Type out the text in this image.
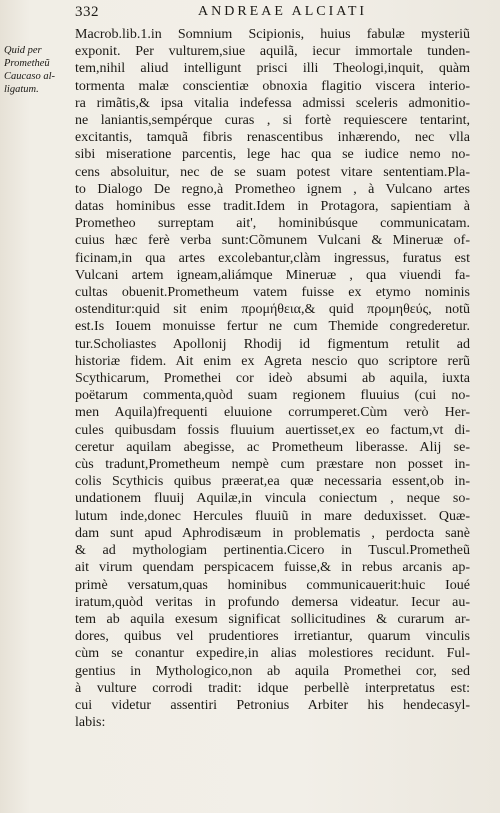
332	ANDREAE ALCIATI
Quid per
Prometheũ
Caucaso al-
ligatum.
Macrob.lib.1.in Somnium Scipionis, huius fabulæ mysteriũ
exponit. Per vulturem,siue aquilã, iecur immortale tunden-
tem,nihil aliud intelligunt prisci illi Theologi,inquit, quàm
tormenta malæ conscientiæ obnoxia flagitio viscera interio-
ra rimãtis,& ipsa vitalia indefessa admissi sceleris admonitio-
ne laniantis,sempérque curas , si fortè requiescere tentarint,
excitantis, tamquã fibris renascentibus inhærendo, nec vlla
sibi miseratione parcentis, lege hac qua se iudice nemo no-
cens absoluitur, nec de se suam potest vitare sententiam.Pla-
to Dialogo De regno,à Prometheo ignem , à Vulcano artes
datas hominibus esse tradit.Idem in Protagora, sapientiam à
Prometheo surreptam ait', hominibúsque communicatam.
cuius hæc ferè verba sunt:Cõmunem Vulcani & Mineruæ of-
ficinam,in qua artes excolebantur,clàm ingressus, furatus est
Vulcani artem igneam,aliámque Mineruæ , qua viuendi fa-
cultas obuenit.Prometheum vatem fuisse ex etymo nominis
ostenditur:quid sit enim προμήθεια,& quid προμηθεύς, notũ
est.Is Iouem monuisse fertur ne cum Themide congrederetur.
tur.Scholiastes Apollonij Rhodij id figmentum retulit ad
historiæ fidem. Ait enim ex Agreta nescio quo scriptore rerũ
Scythicarum, Promethei cor ideò absumi ab aquila, iuxta
poëtarum commenta,quòd suam regionem fluuius (cui no-
men Aquila)frequenti eluuione corrumperet.Cùm verò Her-
cules quibusdam fossis fluuium auertisset,ex eo factum,vt di-
ceretur aquilam abegisse, ac Prometheum liberasse. Alij se-
cùs tradunt,Prometheum nempè cum præstare non posset in-
colis Scythicis quibus præerat,ea quæ necessaria essent,ob in-
undationem fluuij Aquilæ,in vincula coniectum , neque so-
lutum inde,donec Hercules fluuiũ in mare deduxisset. Quæ-
dam sunt apud Aphrodisæum in problematis , perdocta sanè
& ad mythologiam pertinentia.Cicero in Tuscul.Prometheũ
ait virum quendam perspicacem fuisse,& in rebus arcanis ap-
primè versatum,quas hominibus communicauerit:huic Ioué
iratum,quòd veritas in profundo demersa videatur. Iecur au-
tem ab aquila exesum significat sollicitudines & curarum ar-
dores, quibus vel prudentiores irretiantur, quarum vinculis
cùm se conantur expedire,in alias molestiores recidunt. Ful-
gentius in Mythologico,non ab aquila Promethei cor, sed
à vulture corrodi tradit: idque perbellè interpretatus est:
cui videtur assentiri Petronius Arbiter his hendecasyl-
labis:
